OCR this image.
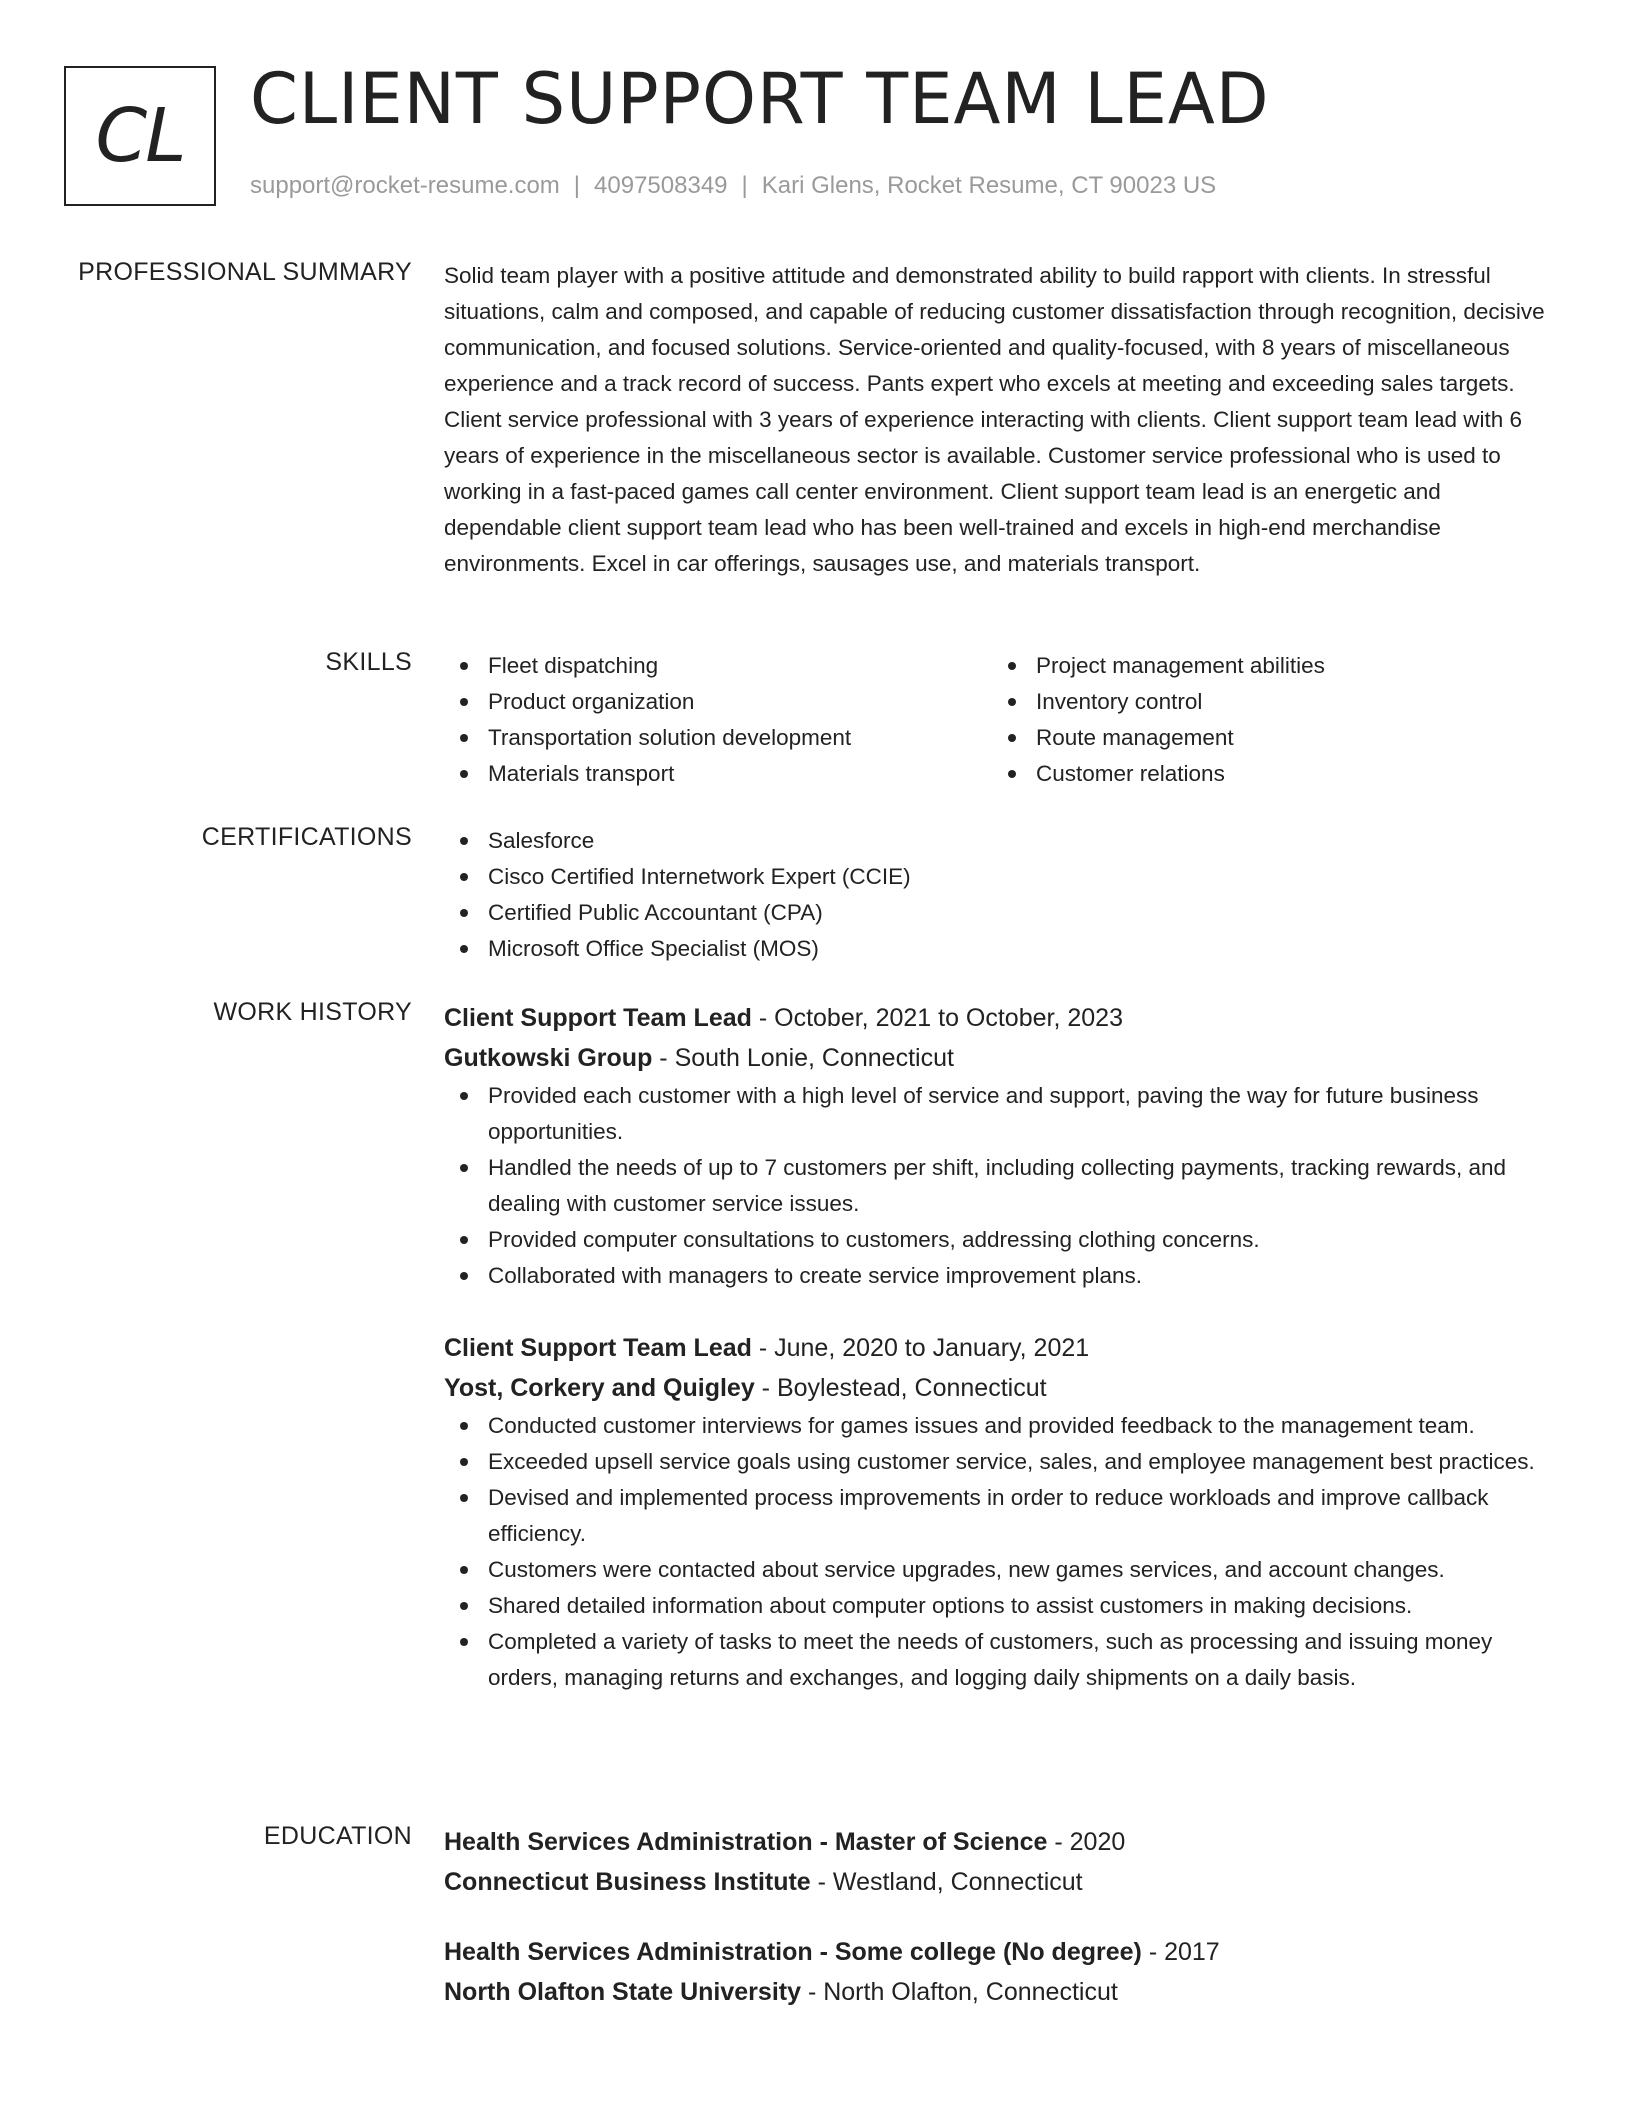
CL CLIENT SUPPORT TEAM LEAD
support@rocket-resume.com | 4097508349 | Kari Glens, Rocket Resume, CT 90023 US
PROFESSIONAL SUMMARY Solid team player with a positive attitude and demonstrated ability to build rapport with clients. In stressful situations, calm and composed, and capable of reducing customer dissatisfaction through recognition, decisive communication, and focused solutions. Service-oriented and quality-focused, with 8 years of miscellaneous experience and a track record of success. Pants expert who excels at meeting and exceeding sales targets. Client service professional with 3 years of experience interacting with clients. Client support team lead with 6 years of experience in the miscellaneous sector is available. Customer service professional who is used to working in a fast-paced games call center environment. Client support team lead is an energetic and dependable client support team lead who has been well-trained and excels in high-end merchandise environments. Excel in car offerings, sausages use, and materials transport.

SKILLS	Fleet dispatching
Product organization
Transportation solution development
Materials transport
Project management abilities
Inventory control
Route management
Customer relations
CERTIFICATIONS	Salesforce
Cisco Certified Internetwork Expert (CCIE)
Certified Public Accountant (CPA)
Microsoft Office Specialist (MOS)
WORK HISTORY Client Support Team Lead - October, 2021 to October, 2023

Gutkowski Group - South Lonie, Connecticut

Provided each customer with a high level of service and support, paving the way for future business opportunities.
Handled the needs of up to 7 customers per shift, including collecting payments, tracking rewards, and dealing with customer service issues.
Provided computer consultations to customers, addressing clothing concerns.
Collaborated with managers to create service improvement plans.

Client Support Team Lead - June, 2020 to January, 2021

Yost, Corkery and Quigley - Boylestead, Connecticut

Conducted customer interviews for games issues and provided feedback to the management team.
Exceeded upsell service goals using customer service, sales, and employee management best practices.
Devised and implemented process improvements in order to reduce workloads and improve callback efficiency.
Customers were contacted about service upgrades, new games services, and account changes.
Shared detailed information about computer options to assist customers in making decisions.
Completed a variety of tasks to meet the needs of customers, such as processing and issuing money orders, managing returns and exchanges, and logging daily shipments on a daily basis.
EDUCATION Health Services Administration - Master of Science - 2020

Connecticut Business Institute - Westland, Connecticut

Health Services Administration - Some college (No degree) - 2017

North Olafton State University - North Olafton, Connecticut
